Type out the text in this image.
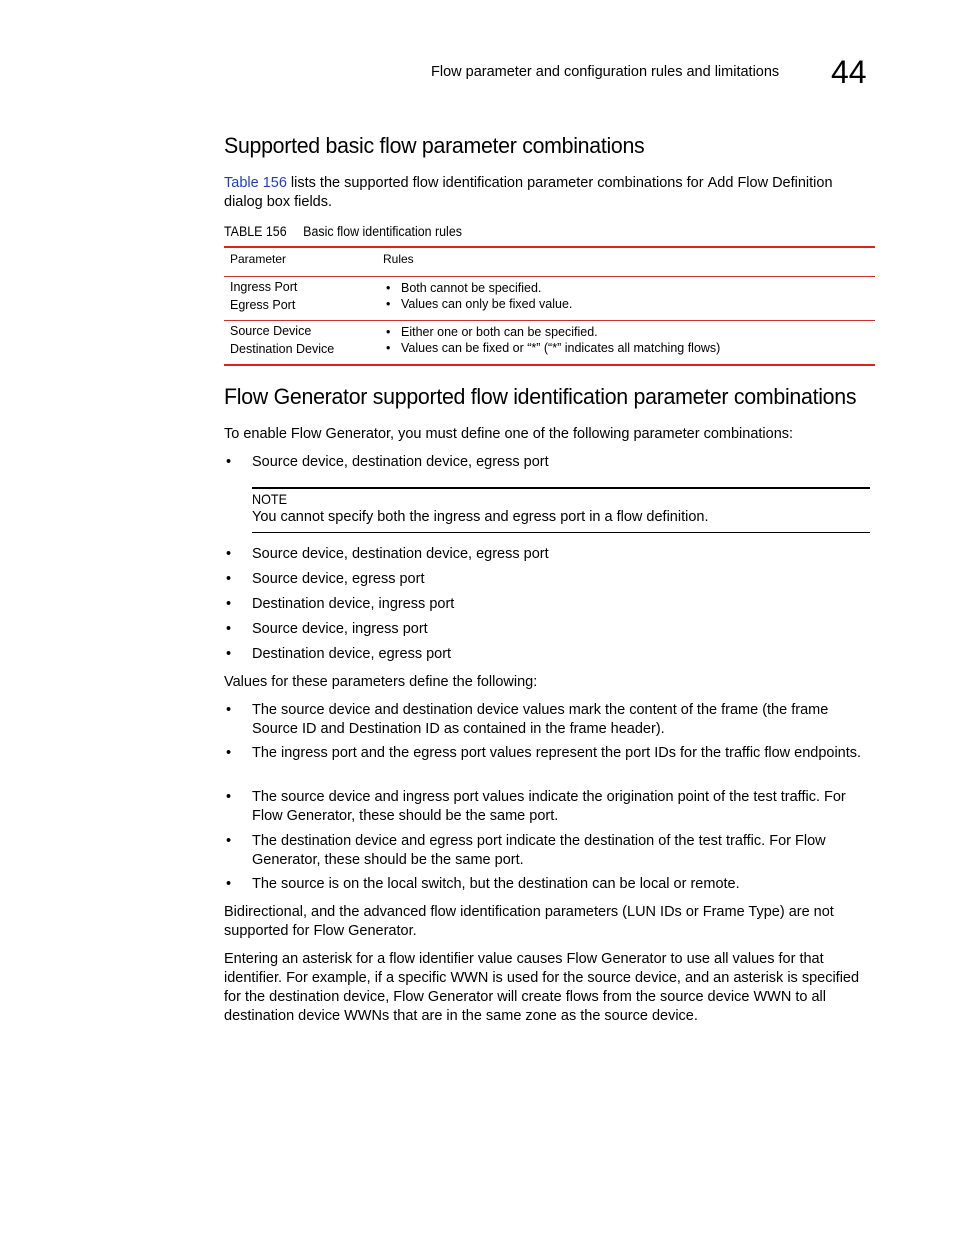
Flow parameter and configuration rules and limitations 44
Supported basic flow parameter combinations

Table 156 lists the supported flow identification parameter combinations for Add Flow Definition
dialog box fields.

TABLE 156 Basic flow identification rules
Parameter	Rules
Ingress Port
Egress Port
• Both cannot be specified.
• Values can only be fixed value.
Source Device
Destination Device
• Either one or both can be specified.
• Values can be fixed or “*” (“*” indicates all matching flows)
Flow Generator supported flow identification parameter combinations

To enable Flow Generator, you must define one of the following parameter combinations:

• Source device, destination device, egress port
NOTE
You cannot specify both the ingress and egress port in a flow definition.
• Source device, destination device, egress port
• Source device, egress port
• Destination device, ingress port
• Source device, ingress port
• Destination device, egress port

Values for these parameters define the following:

• The source device and destination device values mark the content of the frame (the frame Source ID and Destination ID as contained in the frame header).
• The ingress port and the egress port values represent the port IDs for the traffic flow endpoints.
• The source device and ingress port values indicate the origination point of the test traffic. For Flow Generator, these should be the same port.
• The destination device and egress port indicate the destination of the test traffic. For Flow Generator, these should be the same port.
• The source is on the local switch, but the destination can be local or remote.

Bidirectional, and the advanced flow identification parameters (LUN IDs or Frame Type) are not supported for Flow Generator.

Entering an asterisk for a flow identifier value causes Flow Generator to use all values for that identifier. For example, if a specific WWN is used for the source device, and an asterisk is specified for the destination device, Flow Generator will create flows from the source device WWN to all destination device WWNs that are in the same zone as the source device.
